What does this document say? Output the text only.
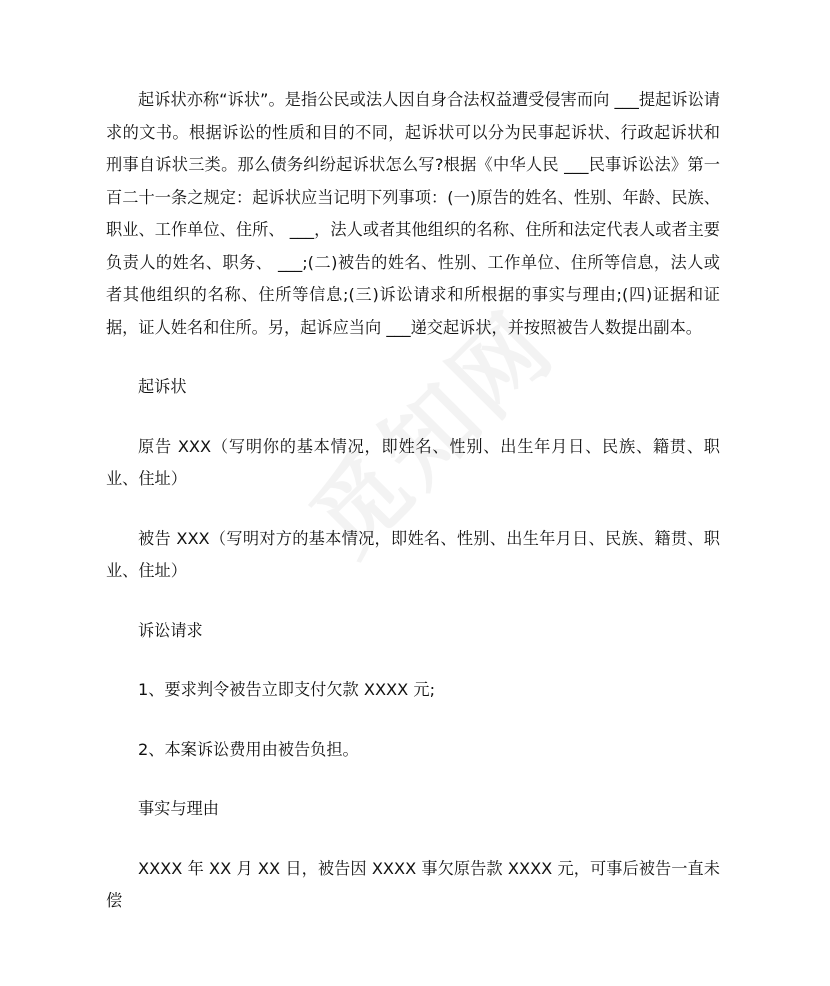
起诉状亦称“诉状”。是指公民或法人因自身合法权益遭受侵害而向 ___提起诉讼请求的文书。根据诉讼的性质和目的不同，起诉状可以分为民事起诉状、行政起诉状和刑事自诉状三类。那么债务纠纷起诉状怎么写?根据《中华人民 ___民事诉讼法》第一百二十一条之规定：起诉状应当记明下列事项：(一)原告的姓名、性别、年龄、民族、职业、工作单位、住所、 ___，法人或者其他组织的名称、住所和法定代表人或者主要负责人的姓名、职务、 ___;(二)被告的姓名、性别、工作单位、住所等信息，法人或者其他组织的名称、住所等信息;(三)诉讼请求和所根据的事实与理由;(四)证据和证据，证人姓名和住所。另，起诉应当向 ___递交起诉状，并按照被告人数提出副本。

起诉状

原告 XXX（写明你的基本情况，即姓名、性别、出生年月日、民族、籍贯、职业、住址）

被告 XXX（写明对方的基本情况，即姓名、性别、出生年月日、民族、籍贯、职业、住址）

诉讼请求

1、要求判令被告立即支付欠款 XXXX 元;

2、本案诉讼费用由被告负担。

事实与理由

XXXX 年 XX 月 XX 日，被告因 XXXX 事欠原告款 XXXX 元，可事后被告一直未偿
